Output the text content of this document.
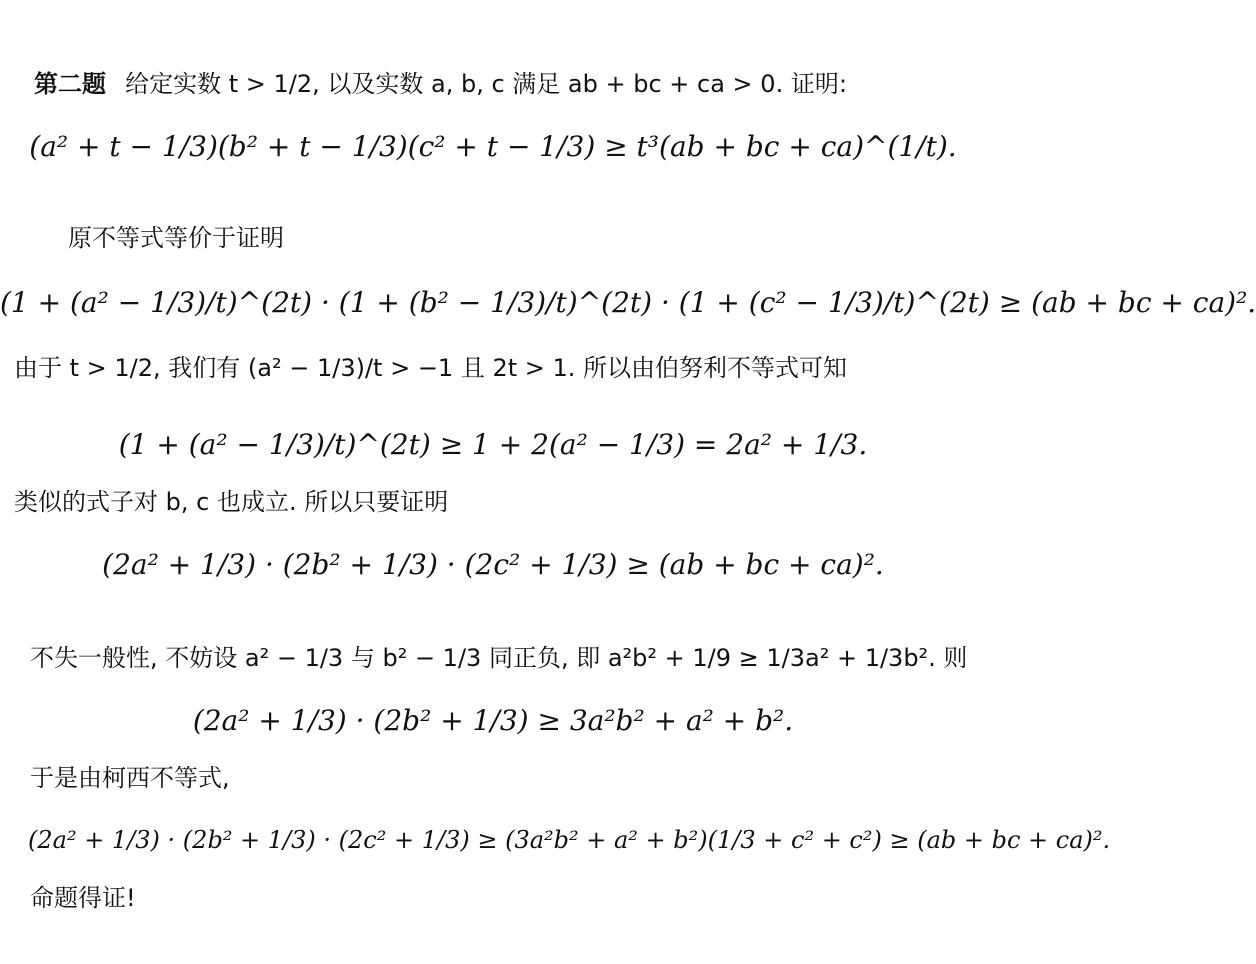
第二题 给定实数 t > 1/2, 以及实数 a, b, c 满足 ab + bc + ca > 0. 证明:
(a² + t − 1/3)(b² + t − 1/3)(c² + t − 1/3) ≥ t³(ab + bc + ca)^(1/t).
原不等式等价于证明
(1 + (a² − 1/3)/t)^(2t) · (1 + (b² − 1/3)/t)^(2t) · (1 + (c² − 1/3)/t)^(2t) ≥ (ab + bc + ca)².
由于 t > 1/2, 我们有 (a² − 1/3)/t > −1 且 2t > 1. 所以由伯努利不等式可知
(1 + (a² − 1/3)/t)^(2t) ≥ 1 + 2(a² − 1/3) = 2a² + 1/3.
类似的式子对 b, c 也成立. 所以只要证明
(2a² + 1/3) · (2b² + 1/3) · (2c² + 1/3) ≥ (ab + bc + ca)².
不失一般性, 不妨设 a² − 1/3 与 b² − 1/3 同正负, 即 a²b² + 1/9 ≥ 1/3a² + 1/3b². 则
(2a² + 1/3) · (2b² + 1/3) ≥ 3a²b² + a² + b².
于是由柯西不等式,
(2a² + 1/3) · (2b² + 1/3) · (2c² + 1/3) ≥ (3a²b² + a² + b²)(1/3 + c² + c²) ≥ (ab + bc + ca)².
命题得证!
